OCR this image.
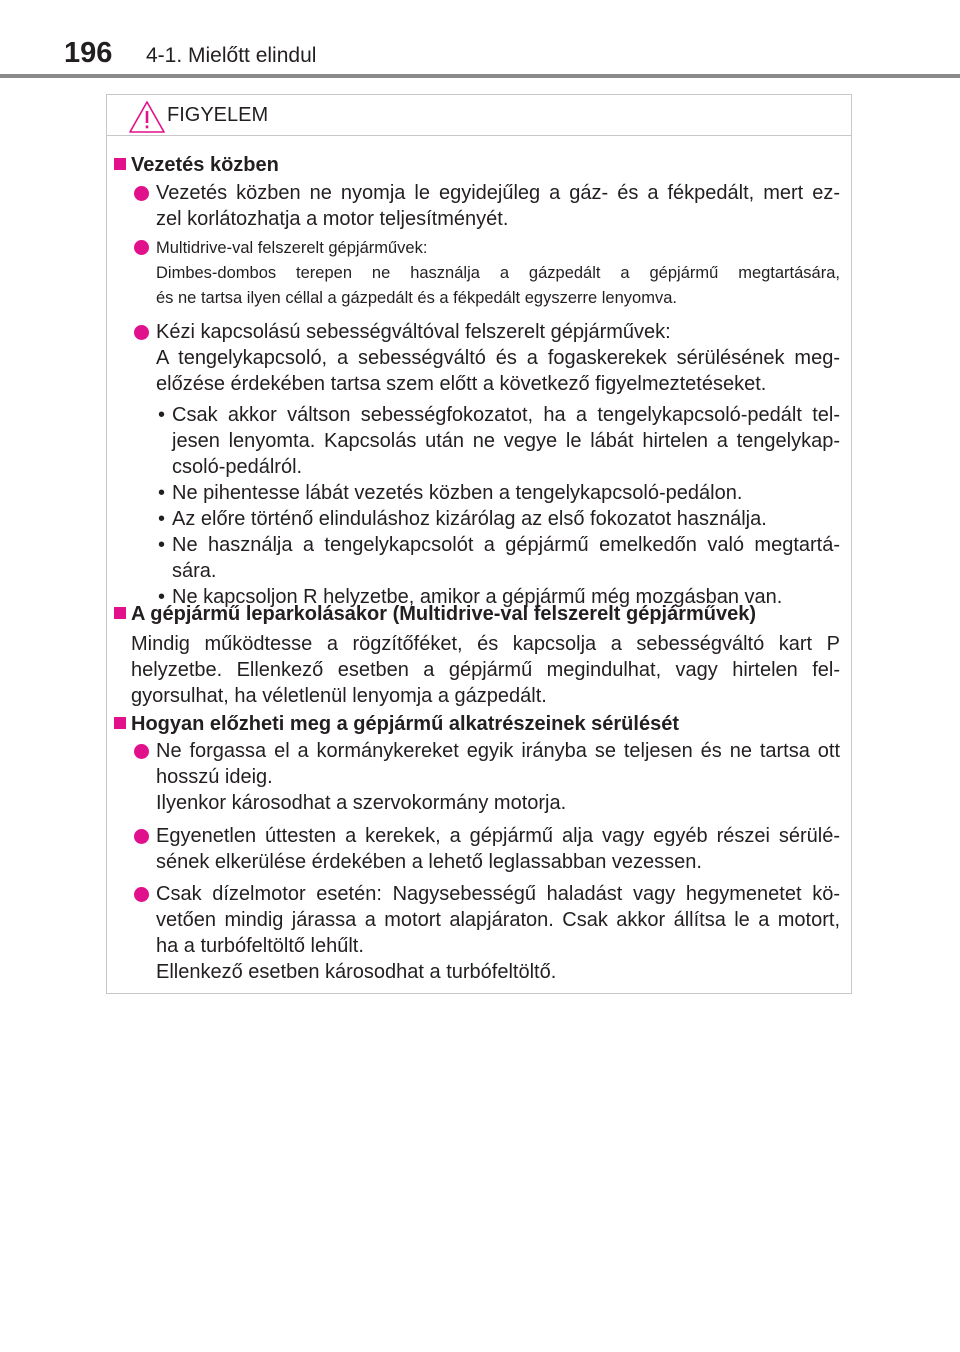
196 4-1. Mielőtt elindul
FIGYELEM
Vezetés közben
Vezetés közben ne nyomja le egyidejűleg a gáz- és a fékpedált, mert ez-
zel korlátozhatja a motor teljesítményét.
Multidrive-val felszerelt gépjárművek:
Dimbes-dombos terepen ne használja a gázpedált a gépjármű megtartására,
és ne tartsa ilyen céllal a gázpedált és a fékpedált egyszerre lenyomva.
Kézi kapcsolású sebességváltóval felszerelt gépjárművek:
A tengelykapcsoló, a sebességváltó és a fogaskerekek sérülésének meg-
előzése érdekében tartsa szem előtt a következő figyelmeztetéseket.
• Csak akkor váltson sebességfokozatot, ha a tengelykapcsoló-pedált tel-
jesen lenyomta. Kapcsolás után ne vegye le lábát hirtelen a tengelykap-
csoló-pedálról.
• Ne pihentesse lábát vezetés közben a tengelykapcsoló-pedálon.
• Az előre történő elinduláshoz kizárólag az első fokozatot használja.
• Ne használja a tengelykapcsolót a gépjármű emelkedőn való megtartá-
sára.
• Ne kapcsoljon R helyzetbe, amikor a gépjármű még mozgásban van.
A gépjármű leparkolásakor (Multidrive-val felszerelt gépjárművek)
Mindig működtesse a rögzítőféket, és kapcsolja a sebességváltó kart P
helyzetbe. Ellenkező esetben a gépjármű megindulhat, vagy hirtelen fel-
gyorsulhat, ha véletlenül lenyomja a gázpedált.
Hogyan előzheti meg a gépjármű alkatrészeinek sérülését
Ne forgassa el a kormánykereket egyik irányba se teljesen és ne tartsa ott
hosszú ideig.
Ilyenkor károsodhat a szervokormány motorja.
Egyenetlen úttesten a kerekek, a gépjármű alja vagy egyéb részei sérülé-
sének elkerülése érdekében a lehető leglassabban vezessen.
Csak dízelmotor esetén: Nagysebességű haladást vagy hegymenetet kö-
vetően mindig járassa a motort alapjáraton. Csak akkor állítsa le a motort,
ha a turbófeltöltő lehűlt.
Ellenkező esetben károsodhat a turbófeltöltő.
